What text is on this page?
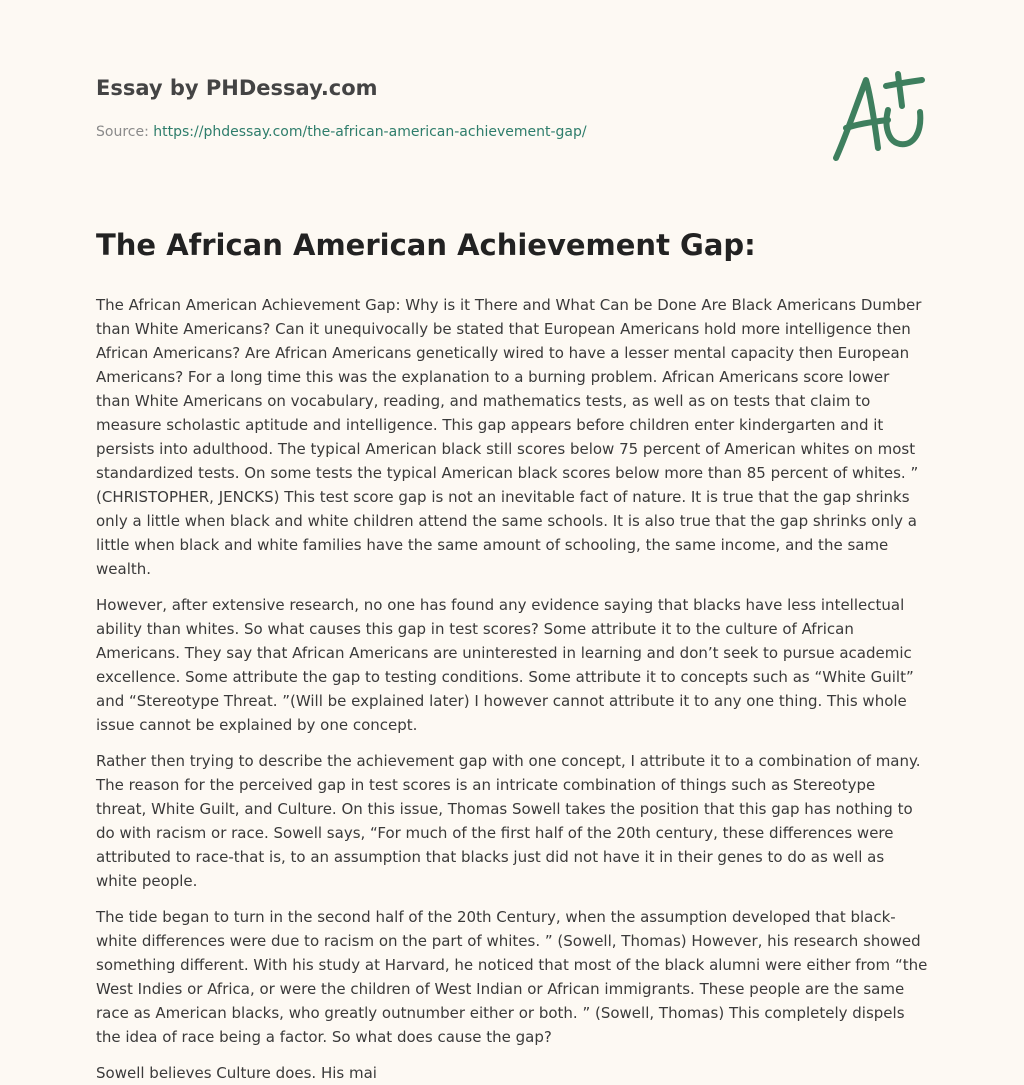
Essay by PHDessay.com

Source: https://phdessay.com/the-african-american-achievement-gap/

The African American Achievement Gap:

The African American Achievement Gap: Why is it There and What Can be Done Are Black Americans Dumber than White Americans? Can it unequivocally be stated that European Americans hold more intelligence then African Americans? Are African Americans genetically wired to have a lesser mental capacity then European Americans? For a long time this was the explanation to a burning problem. African Americans score lower than White Americans on vocabulary, reading, and mathematics tests, as well as on tests that claim to measure scholastic aptitude and intelligence. This gap appears before children enter kindergarten and it persists into adulthood. The typical American black still scores below 75 percent of American whites on most standardized tests. On some tests the typical American black scores below more than 85 percent of whites. ” (CHRISTOPHER, JENCKS) This test score gap is not an inevitable fact of nature. It is true that the gap shrinks only a little when black and white children attend the same schools. It is also true that the gap shrinks only a little when black and white families have the same amount of schooling, the same income, and the same wealth.

However, after extensive research, no one has found any evidence saying that blacks have less intellectual ability than whites. So what causes this gap in test scores? Some attribute it to the culture of African Americans. They say that African Americans are uninterested in learning and don’t seek to pursue academic excellence. Some attribute the gap to testing conditions. Some attribute it to concepts such as “White Guilt” and “Stereotype Threat. ”(Will be explained later) I however cannot attribute it to any one thing. This whole issue cannot be explained by one concept.

Rather then trying to describe the achievement gap with one concept, I attribute it to a combination of many. The reason for the perceived gap in test scores is an intricate combination of things such as Stereotype threat, White Guilt, and Culture. On this issue, Thomas Sowell takes the position that this gap has nothing to do with racism or race. Sowell says, “For much of the first half of the 20th century, these differences were attributed to race-that is, to an assumption that blacks just did not have it in their genes to do as well as white people.

The tide began to turn in the second half of the 20th Century, when the assumption developed that black-white differences were due to racism on the part of whites. ” (Sowell, Thomas) However, his research showed something different. With his study at Harvard, he noticed that most of the black alumni were either from “the West Indies or Africa, or were the children of West Indian or African immigrants. These people are the same race as American blacks, who greatly outnumber either or both. ” (Sowell, Thomas) This completely dispels the idea of race being a factor. So what does cause the gap?

Sowell believes Culture does. His mai
